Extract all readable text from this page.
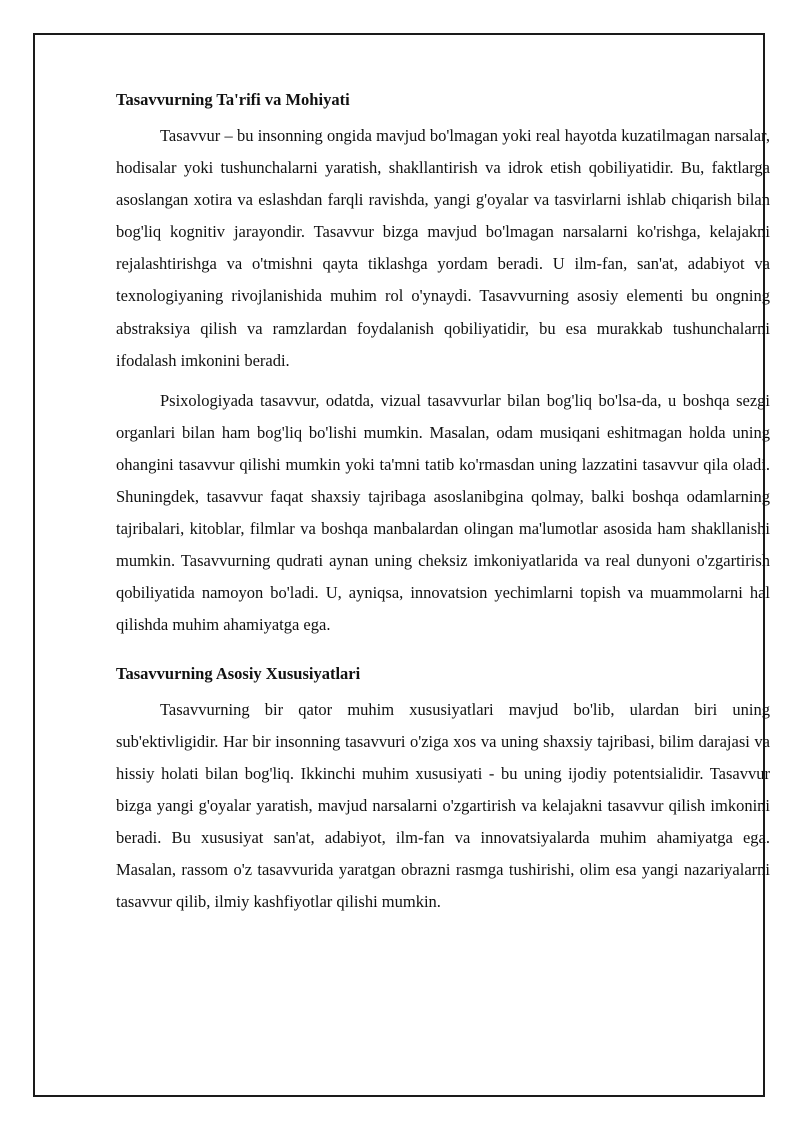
Tasavvurning Ta'rifi va Mohiyati

Tasavvur – bu insonning ongida mavjud bo'lmagan yoki real hayotda kuzatilmagan narsalar, hodisalar yoki tushunchalarni yaratish, shakllantirish va idrok etish qobiliyatidir. Bu, faktlarga asoslangan xotira va eslashdan farqli ravishda, yangi g'oyalar va tasvirlarni ishlab chiqarish bilan bog'liq kognitiv jarayondir. Tasavvur bizga mavjud bo'lmagan narsalarni ko'rishga, kelajakni rejalashtirishga va o'tmishni qayta tiklashga yordam beradi. U ilm-fan, san'at, adabiyot va texnologiyaning rivojlanishida muhim rol o'ynaydi. Tasavvurning asosiy elementi bu ongning abstraksiya qilish va ramzlardan foydalanish qobiliyatidir, bu esa murakkab tushunchalarni ifodalash imkonini beradi.

Psixologiyada tasavvur, odatda, vizual tasavvurlar bilan bog'liq bo'lsa-da, u boshqa sezgi organlari bilan ham bog'liq bo'lishi mumkin. Masalan, odam musiqani eshitmagan holda uning ohangini tasavvur qilishi mumkin yoki ta'mni tatib ko'rmasdan uning lazzatini tasavvur qila oladi. Shuningdek, tasavvur faqat shaxsiy tajribaga asoslanibgina qolmay, balki boshqa odamlarning tajribalari, kitoblar, filmlar va boshqa manbalardan olingan ma'lumotlar asosida ham shakllanishi mumkin. Tasavvurning qudrati aynan uning cheksiz imkoniyatlarida va real dunyoni o'zgartirish qobiliyatida namoyon bo'ladi. U, ayniqsa, innovatsion yechimlarni topish va muammolarni hal qilishda muhim ahamiyatga ega.

Tasavvurning Asosiy Xususiyatlari

Tasavvurning bir qator muhim xususiyatlari mavjud bo'lib, ulardan biri uning sub'ektivligidir. Har bir insonning tasavvuri o'ziga xos va uning shaxsiy tajribasi, bilim darajasi va hissiy holati bilan bog'liq. Ikkinchi muhim xususiyati - bu uning ijodiy potentsialidir. Tasavvur bizga yangi g'oyalar yaratish, mavjud narsalarni o'zgartirish va kelajakni tasavvur qilish imkonini beradi. Bu xususiyat san'at, adabiyot, ilm-fan va innovatsiyalarda muhim ahamiyatga ega. Masalan, rassom o'z tasavvurida yaratgan obrazni rasmga tushirishi, olim esa yangi nazariyalarni tasavvur qilib, ilmiy kashfiyotlar qilishi mumkin.
